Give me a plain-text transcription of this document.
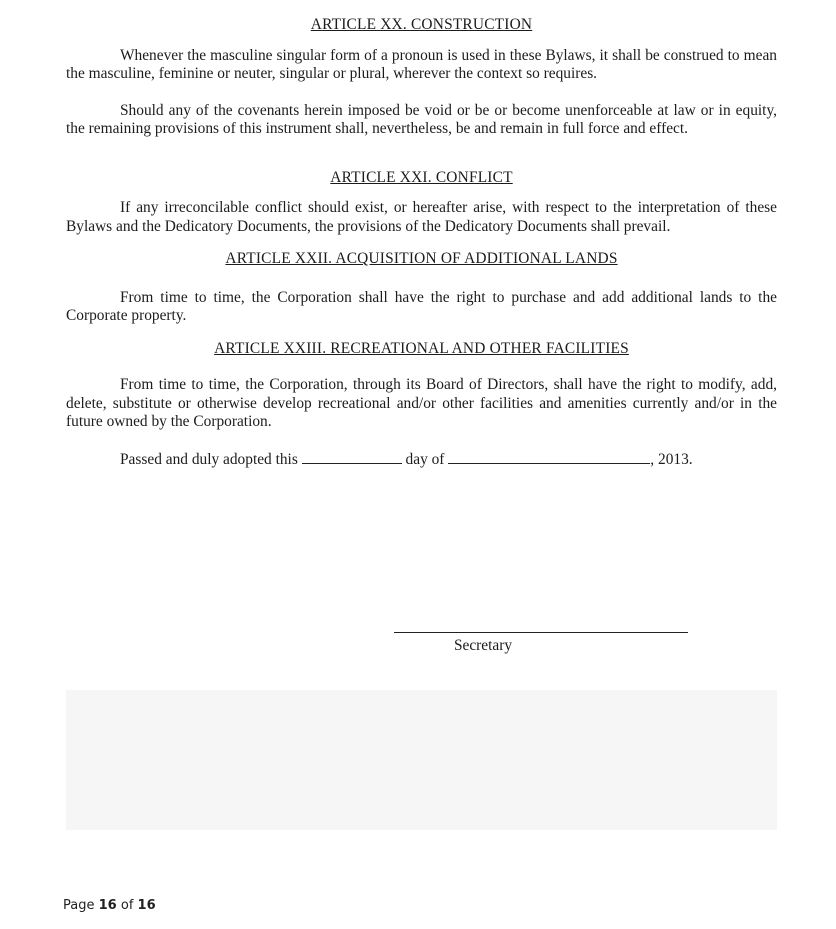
ARTICLE XX. CONSTRUCTION

Whenever the masculine singular form of a pronoun is used in these Bylaws, it shall be construed to mean the masculine, feminine or neuter, singular or plural, wherever the context so requires.

Should any of the covenants herein imposed be void or be or become unenforceable at law or in equity, the remaining provisions of this instrument shall, nevertheless, be and remain in full force and effect.

ARTICLE XXI. CONFLICT

If any irreconcilable conflict should exist, or hereafter arise, with respect to the interpretation of these Bylaws and the Dedicatory Documents, the provisions of the Dedicatory Documents shall prevail.

ARTICLE XXII. ACQUISITION OF ADDITIONAL LANDS

From time to time, the Corporation shall have the right to purchase and add additional lands to the Corporate property.

ARTICLE XXIII. RECREATIONAL AND OTHER FACILITIES

From time to time, the Corporation, through its Board of Directors, shall have the right to modify, add, delete, substitute or otherwise develop recreational and/or other facilities and amenities currently and/or in the future owned by the Corporation.

Passed and duly adopted this	day of	, 2013.

Secretary
Page 16 of 16
